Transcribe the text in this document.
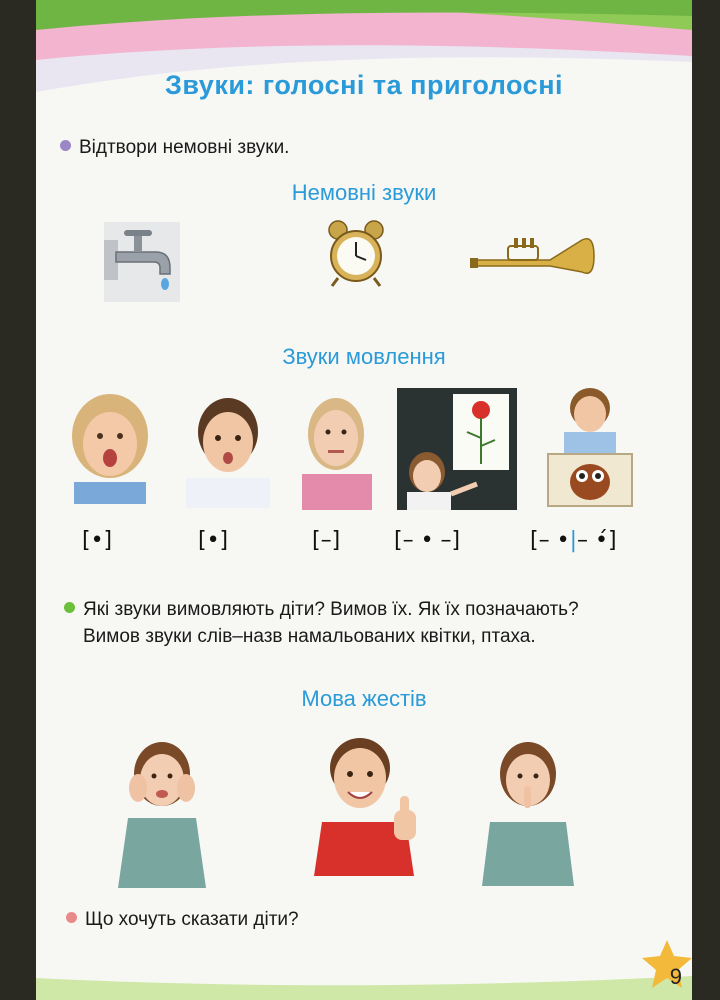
Звуки: голосні та приголосні
Відтвори немовні звуки.
Немовні звуки
Звуки мовлення
[•]	[•]	[–] [– • –]	[– •|– •́]
Які звуки вимовляють діти? Вимов їх. Як їх позначають?
Вимов звуки слів–назв намальованих квітки, птаха.
Мова жестів
Що хочуть сказати діти?
9
